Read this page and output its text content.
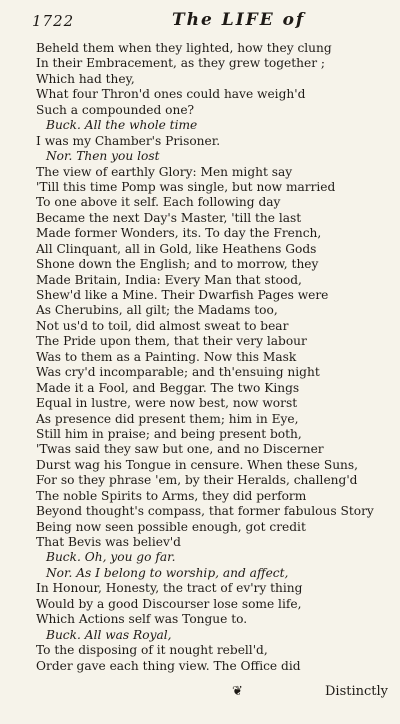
1722	The LIFE of
Beheld them when they lighted, how they clung
In their Embracement, as they grew together ;
Which had they,
What four Thron'd ones could have weigh'd
Such a compounded one?
Buck. All the whole time
I was my Chamber's Prisoner.
Nor. Then you lost
The view of earthly Glory: Men might say
'Till this time Pomp was single, but now married
To one above it self. Each following day
Became the next Day's Master, 'till the last
Made former Wonders, its. To day the French,
All Clinquant, all in Gold, like Heathens Gods
Shone down the English; and to morrow, they
Made Britain, India: Every Man that stood,
Shew'd like a Mine. Their Dwarfish Pages were
As Cherubins, all gilt; the Madams too,
Not us'd to toil, did almost sweat to bear
The Pride upon them, that their very labour
Was to them as a Painting. Now this Mask
Was cry'd incomparable; and th'ensuing night
Made it a Fool, and Beggar. The two Kings
Equal in lustre, were now best, now worst
As presence did present them; him in Eye,
Still him in praise; and being present both,
'Twas said they saw but one, and no Discerner
Durst wag his Tongue in censure. When these Suns,
For so they phrase 'em, by their Heralds, challeng'd
The noble Spirits to Arms, they did perform
Beyond thought's compass, that former fabulous Story
Being now seen possible enough, got credit
That Bevis was believ'd
Buck. Oh, you go far.
Nor. As I belong to worship, and affect,
In Honour, Honesty, the tract of ev'ry thing
Would by a good Discourser lose some life,
Which Actions self was Tongue to.
Buck. All was Royal,
To the disposing of it nought rebell'd,
Order gave each thing view. The Office did
❦	Distinctly
